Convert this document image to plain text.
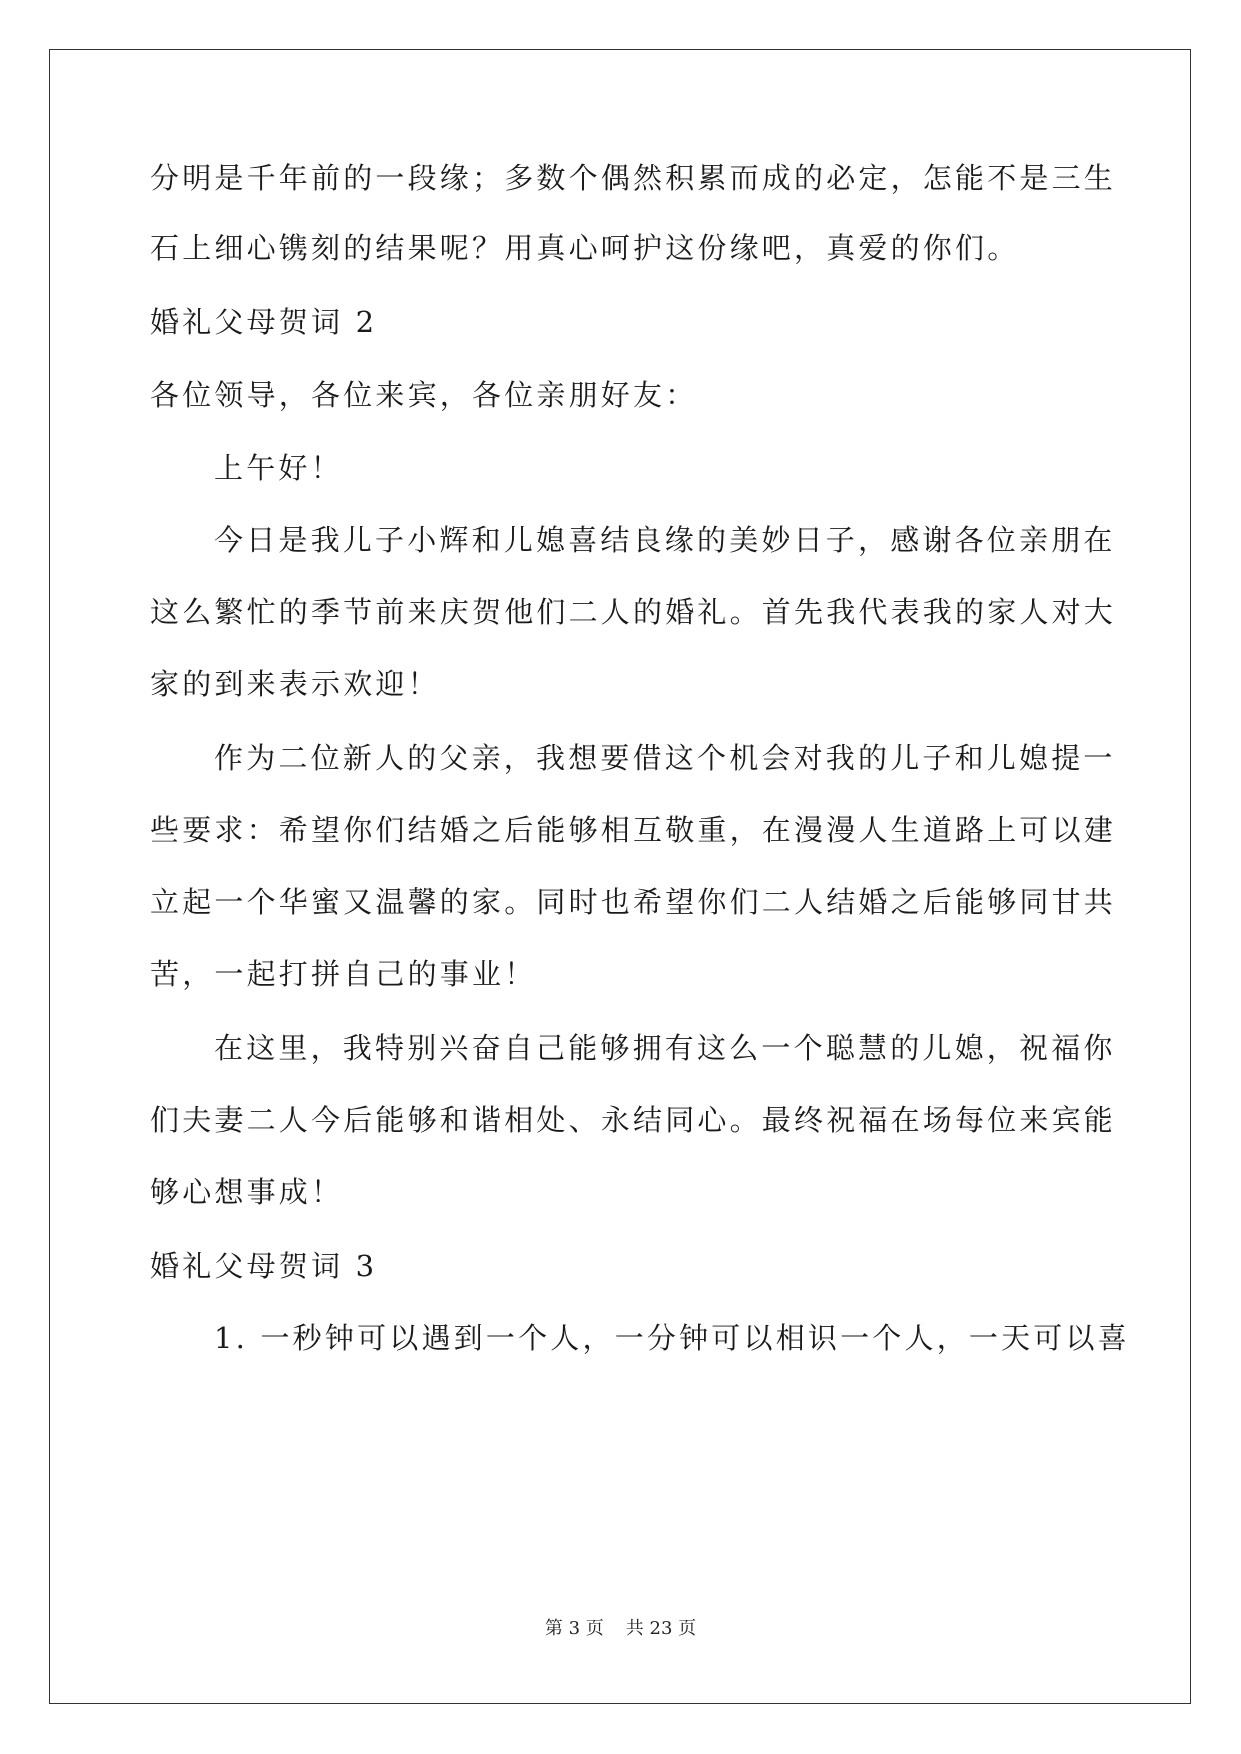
分明是千年前的一段缘；多数个偶然积累而成的必定，怎能不是三生
石上细心镌刻的结果呢？用真心呵护这份缘吧，真爱的你们。
婚礼父母贺词 2
各位领导，各位来宾，各位亲朋好友：
上午好！
今日是我儿子小辉和儿媳喜结良缘的美妙日子，感谢各位亲朋在
这么繁忙的季节前来庆贺他们二人的婚礼。首先我代表我的家人对大
家的到来表示欢迎！
作为二位新人的父亲，我想要借这个机会对我的儿子和儿媳提一
些要求：希望你们结婚之后能够相互敬重，在漫漫人生道路上可以建
立起一个华蜜又温馨的家。同时也希望你们二人结婚之后能够同甘共
苦，一起打拼自己的事业！
在这里，我特别兴奋自己能够拥有这么一个聪慧的儿媳，祝福你
们夫妻二人今后能够和谐相处、永结同心。最终祝福在场每位来宾能
够心想事成！
婚礼父母贺词 3
1. 一秒钟可以遇到一个人，一分钟可以相识一个人，一天可以喜
第 3 页 共 23 页
